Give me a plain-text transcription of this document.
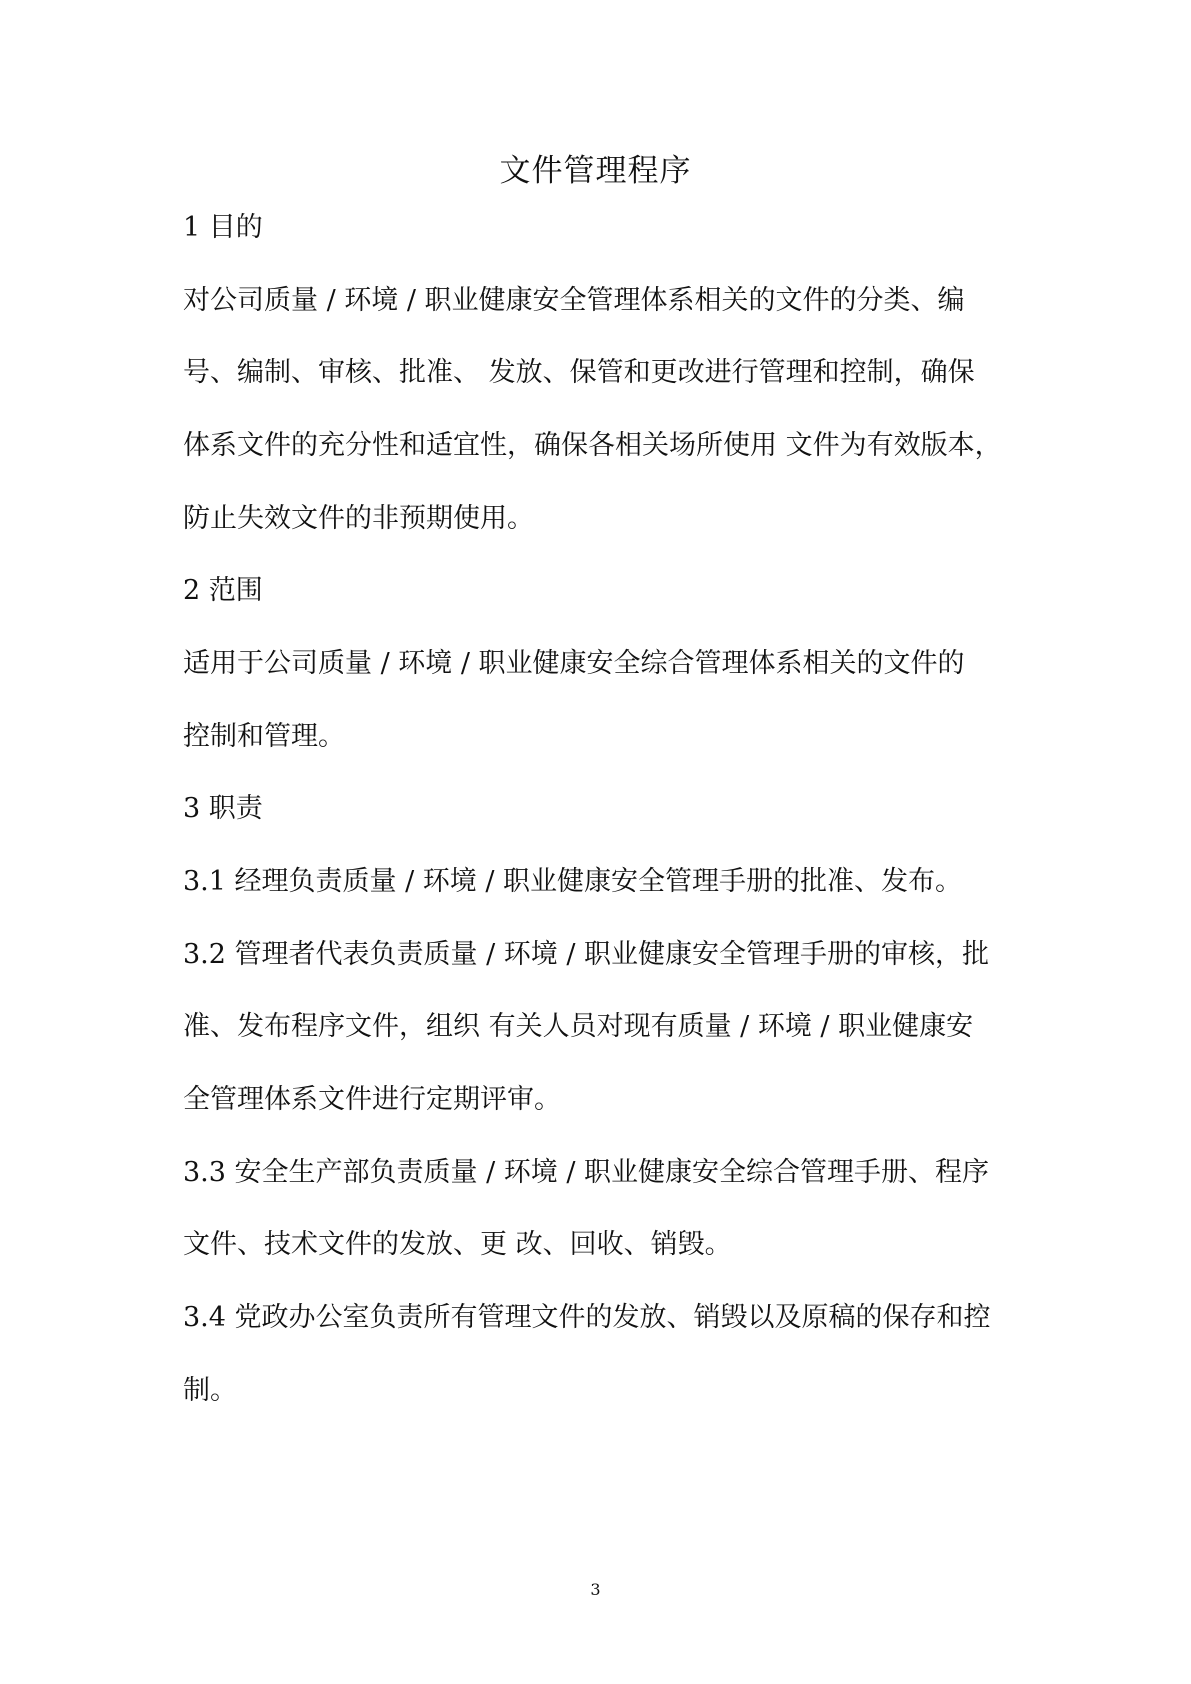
文件管理程序
1 目的
对公司质量 / 环境 / 职业健康安全管理体系相关的文件的分类、编
号、编制、审核、批准、 发放、保管和更改进行管理和控制，确保
体系文件的充分性和适宜性，确保各相关场所使用 文件为有效版本，
防止失效文件的非预期使用。
2 范围
适用于公司质量 / 环境 / 职业健康安全综合管理体系相关的文件的
控制和管理。
3 职责
3.1 经理负责质量 / 环境 / 职业健康安全管理手册的批准、发布。
3.2 管理者代表负责质量 / 环境 / 职业健康安全管理手册的审核，批
准、发布程序文件，组织 有关人员对现有质量 / 环境 / 职业健康安
全管理体系文件进行定期评审。
3.3 安全生产部负责质量 / 环境 / 职业健康安全综合管理手册、程序
文件、技术文件的发放、更 改、回收、销毁。
3.4 党政办公室负责所有管理文件的发放、销毁以及原稿的保存和控
制。
3
